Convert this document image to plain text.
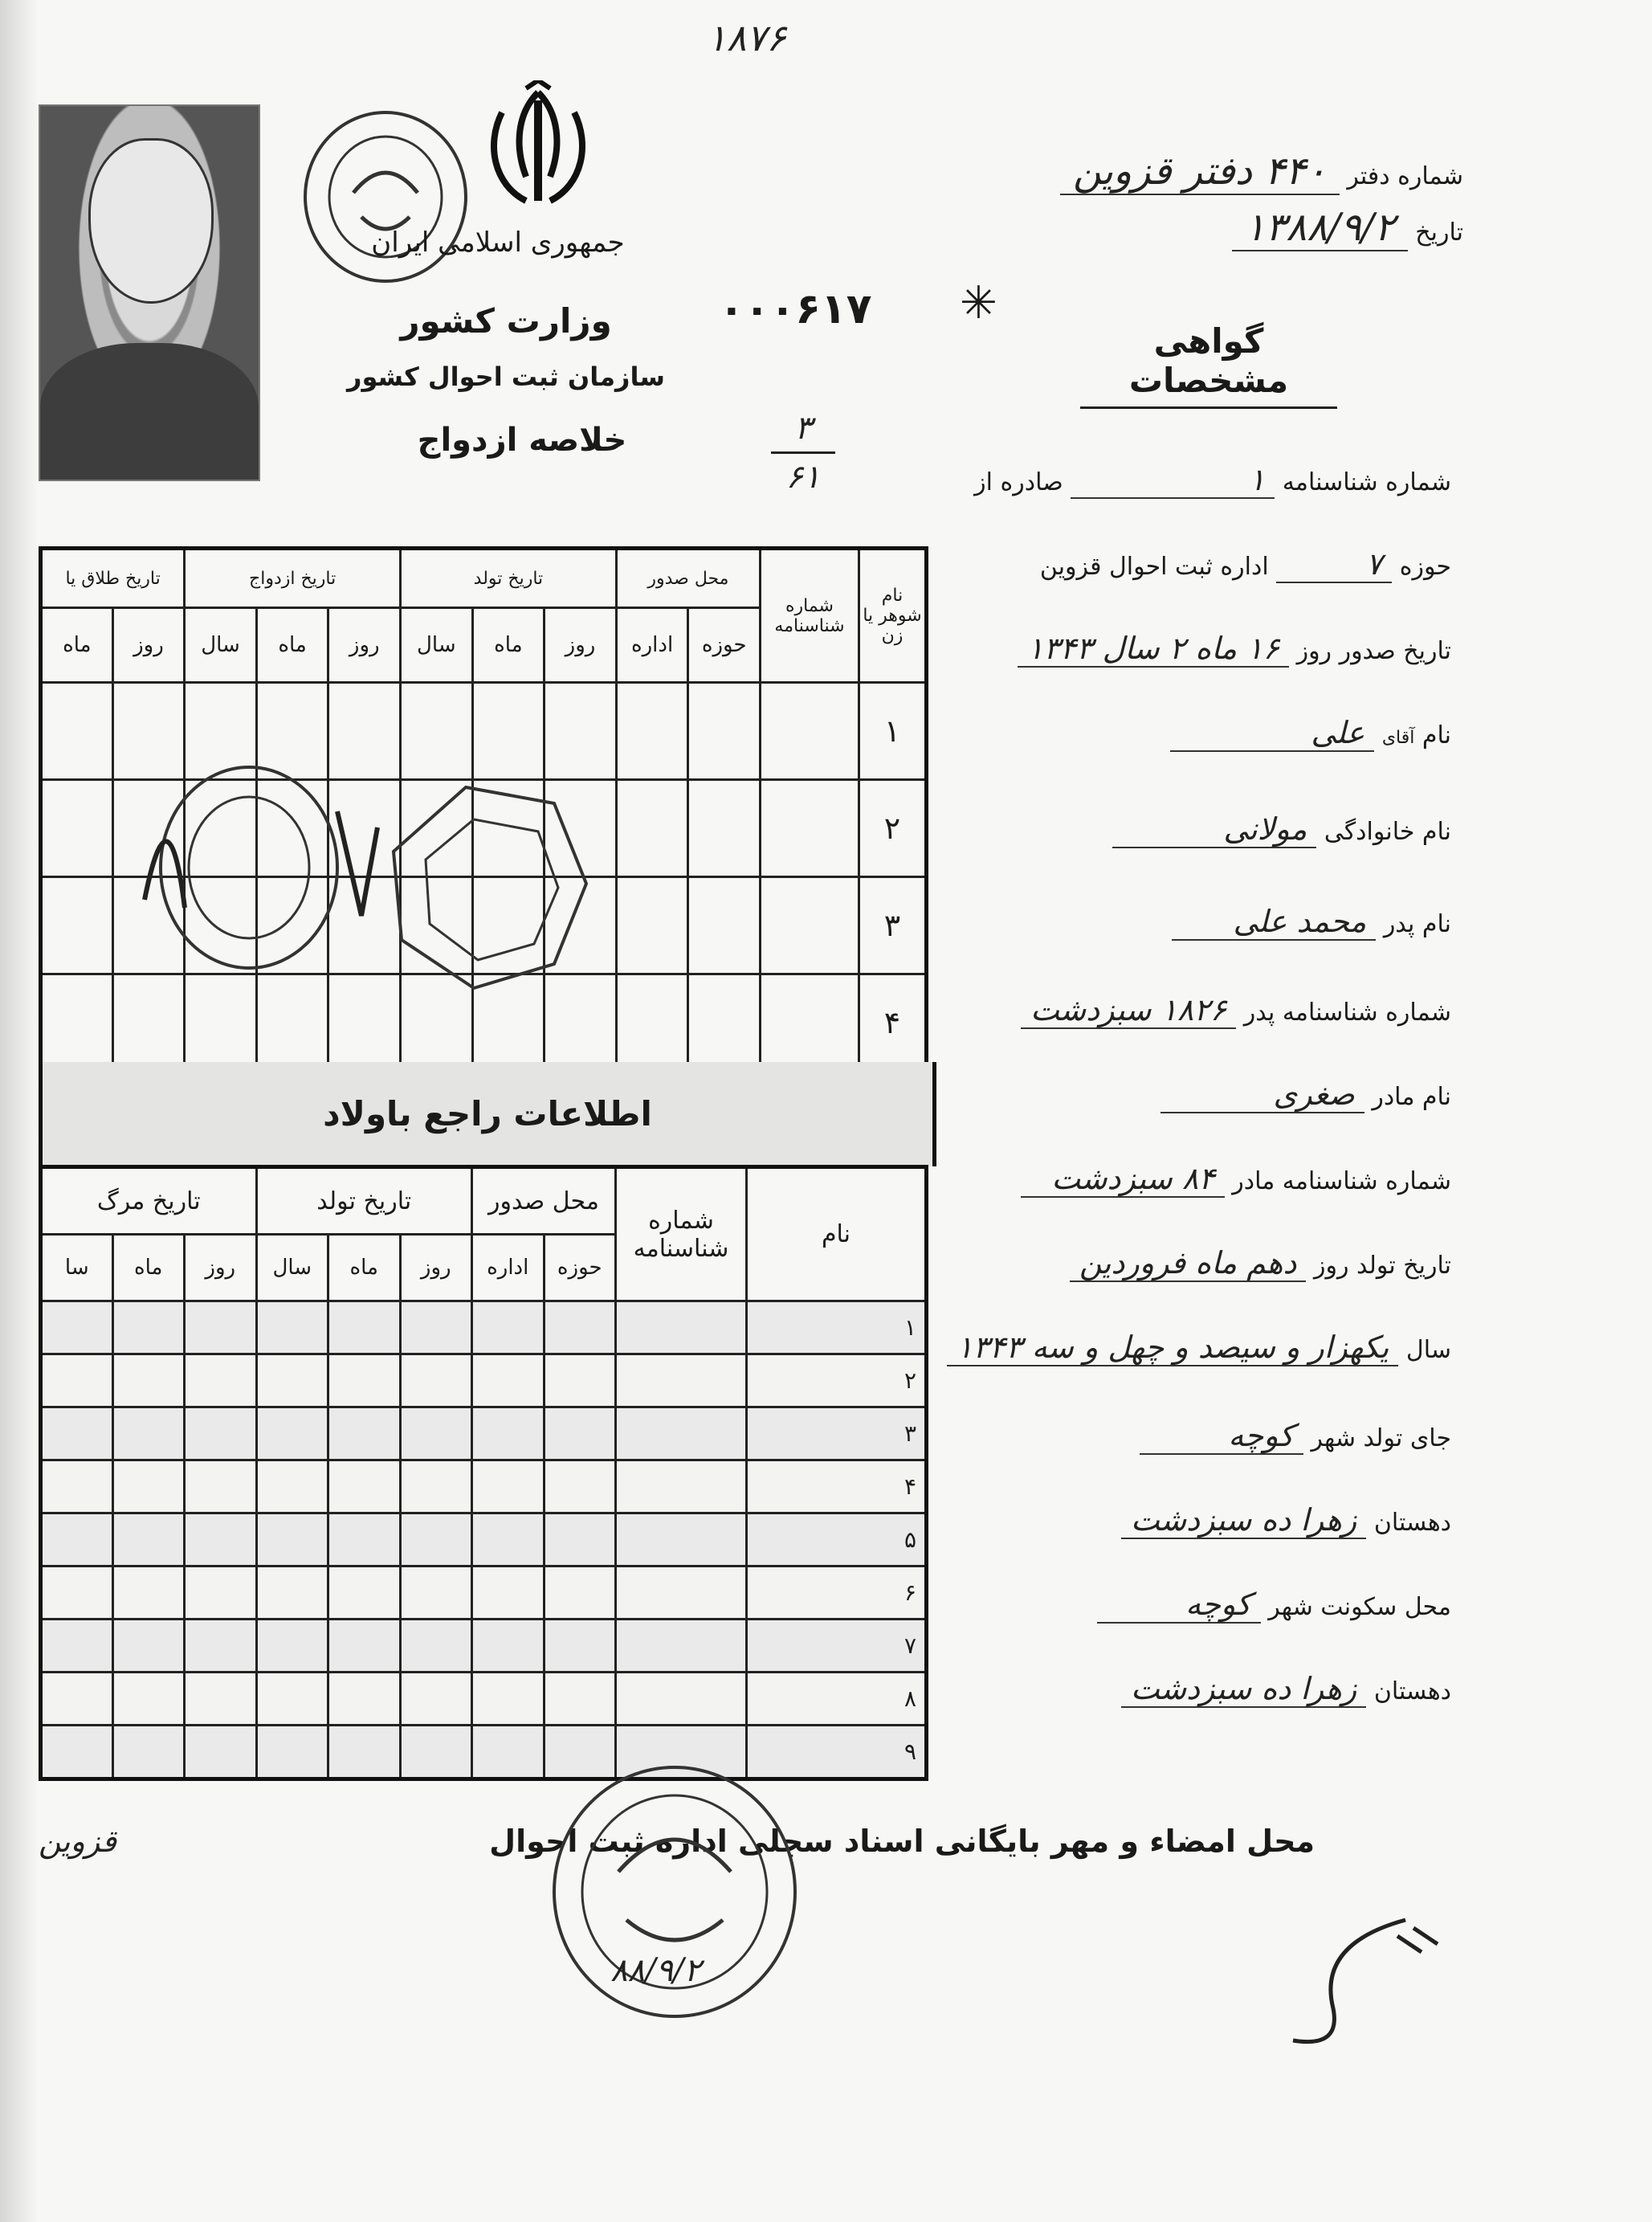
۱۸۷۶
جمهوری اسلامی ایران
وزارت کشور
سازمان ثبت احوال کشور
خلاصه ازدواج
۰۰۰۶۱۷
۳
۶۱
✳
شماره دفتر ۴۴۰ دفتر قزوین
تاریخ ۱۳۸۸/۹/۲
گواهی مشخصات
شماره شناسنامه ۱ صادره از
حوزه ۷ اداره ثبت احوال قزوین
تاریخ صدور روز ۱۶ ماه ۲ سال ۱۳۴۳
نام آقای علی
نام خانوادگی مولانی
نام پدر محمد علی
شماره شناسنامه پدر ۱۸۲۶ سبزدشت
نام مادر صغری
شماره شناسنامه مادر ۸۴ سبزدشت
تاریخ تولد روز دهم ماه فروردین
سال یکهزار و سیصد و چهل و سه ۱۳۴۳
جای تولد شهر کوچه
دهستان زهرا ده سبزدشت
محل سکونت شهر کوچه
دهستان زهرا ده سبزدشت
نام شوهر یا زن	شماره شناسنامه	محل صدور		تاریخ تولد			تاریخ ازدواج			تاریخ طلاق یا	
		حوزه	اداره	روز	ماه	سال	روز	ماه	سال	روز	ماه
۱											
۲											
۳											
۴											
اطلاعات راجع باولاد
نام	شماره شناسنامه	محل صدور		تاریخ تولد			تاریخ مرگ		
		حوزه	اداره	روز	ماه	سال	روز	ماه	سا
۱									
۲									
۳									
۴									
۵									
۶									
۷									
۸									
۹									
محل امضاء و مهر بایگانی اسناد سجلی اداره ثبت احوال
قزوین
۸۸/۹/۲
